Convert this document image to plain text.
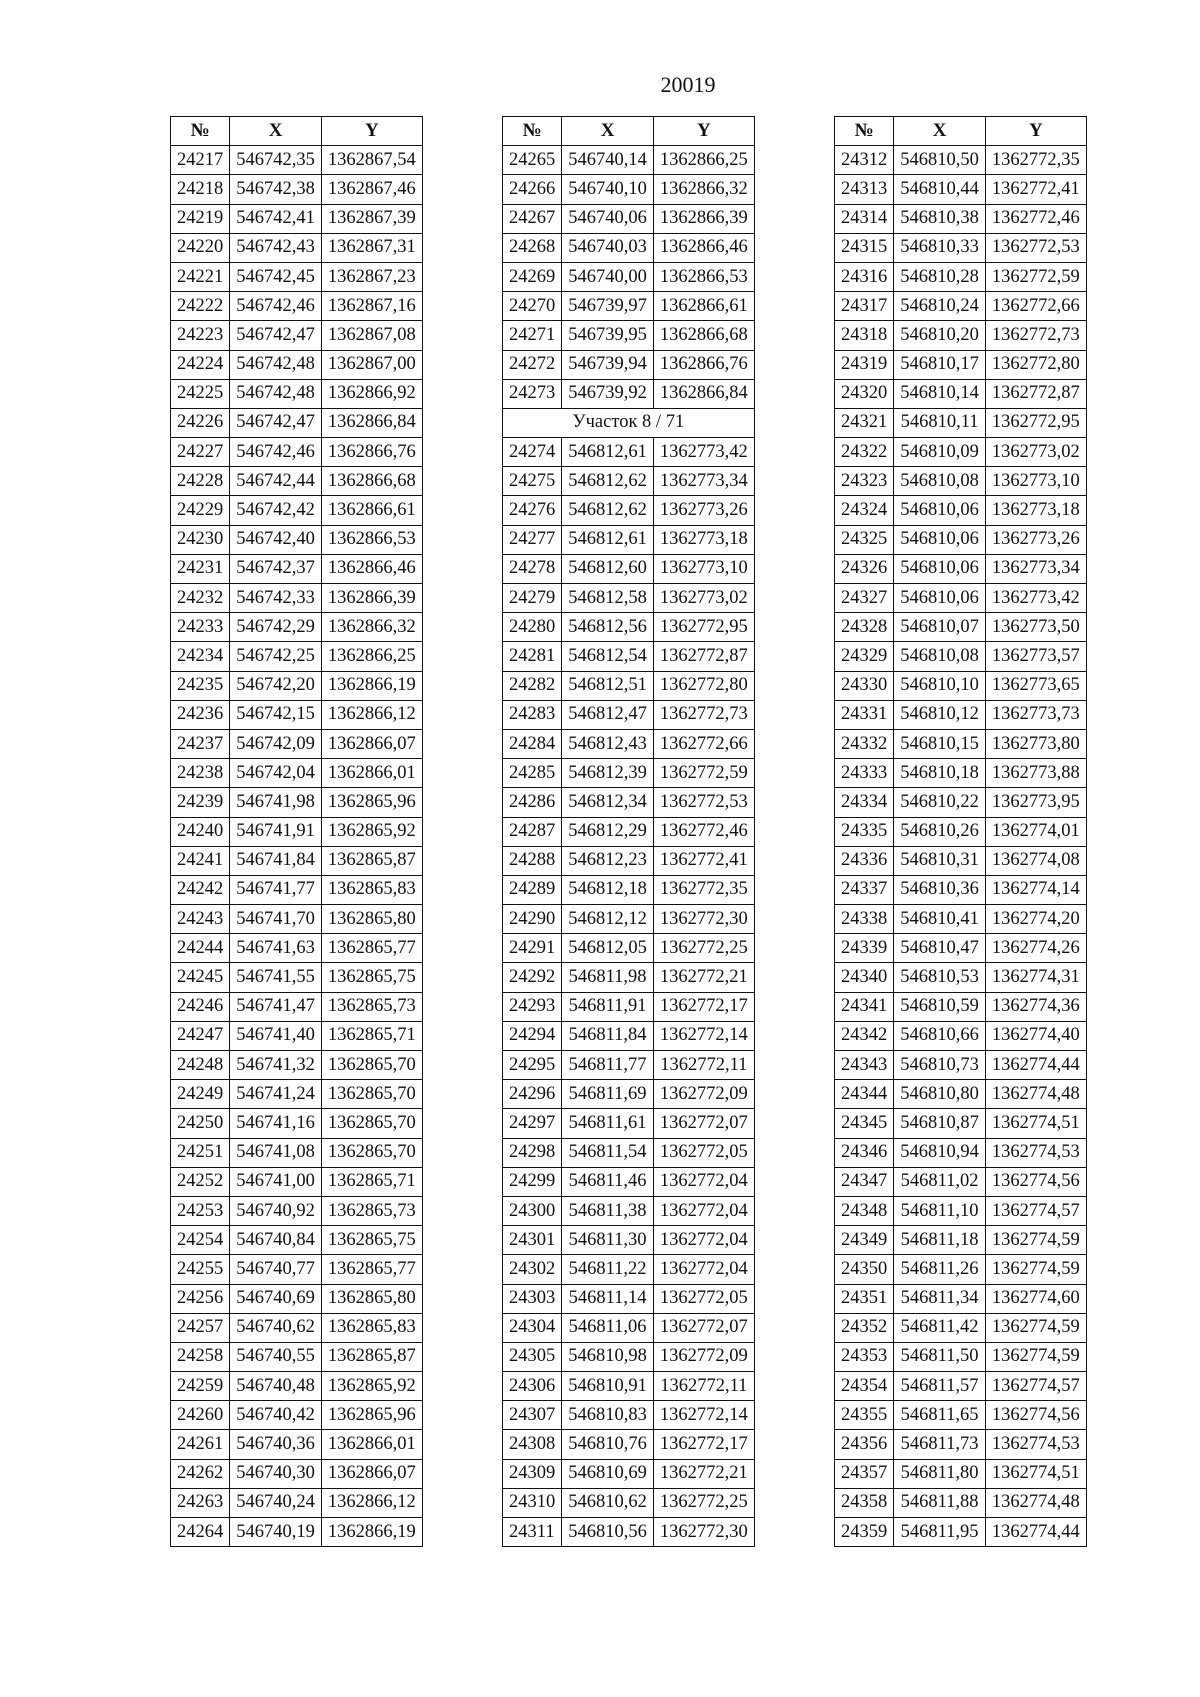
20019
№	X	Y
24217	546742,35	1362867,54
24218	546742,38	1362867,46
24219	546742,41	1362867,39
24220	546742,43	1362867,31
24221	546742,45	1362867,23
24222	546742,46	1362867,16
24223	546742,47	1362867,08
24224	546742,48	1362867,00
24225	546742,48	1362866,92
24226	546742,47	1362866,84
24227	546742,46	1362866,76
24228	546742,44	1362866,68
24229	546742,42	1362866,61
24230	546742,40	1362866,53
24231	546742,37	1362866,46
24232	546742,33	1362866,39
24233	546742,29	1362866,32
24234	546742,25	1362866,25
24235	546742,20	1362866,19
24236	546742,15	1362866,12
24237	546742,09	1362866,07
24238	546742,04	1362866,01
24239	546741,98	1362865,96
24240	546741,91	1362865,92
24241	546741,84	1362865,87
24242	546741,77	1362865,83
24243	546741,70	1362865,80
24244	546741,63	1362865,77
24245	546741,55	1362865,75
24246	546741,47	1362865,73
24247	546741,40	1362865,71
24248	546741,32	1362865,70
24249	546741,24	1362865,70
24250	546741,16	1362865,70
24251	546741,08	1362865,70
24252	546741,00	1362865,71
24253	546740,92	1362865,73
24254	546740,84	1362865,75
24255	546740,77	1362865,77
24256	546740,69	1362865,80
24257	546740,62	1362865,83
24258	546740,55	1362865,87
24259	546740,48	1362865,92
24260	546740,42	1362865,96
24261	546740,36	1362866,01
24262	546740,30	1362866,07
24263	546740,24	1362866,12
24264	546740,19	1362866,19
№	X	Y
24265	546740,14	1362866,25
24266	546740,10	1362866,32
24267	546740,06	1362866,39
24268	546740,03	1362866,46
24269	546740,00	1362866,53
24270	546739,97	1362866,61
24271	546739,95	1362866,68
24272	546739,94	1362866,76
24273	546739,92	1362866,84
Участок 8 / 71		
24274	546812,61	1362773,42
24275	546812,62	1362773,34
24276	546812,62	1362773,26
24277	546812,61	1362773,18
24278	546812,60	1362773,10
24279	546812,58	1362773,02
24280	546812,56	1362772,95
24281	546812,54	1362772,87
24282	546812,51	1362772,80
24283	546812,47	1362772,73
24284	546812,43	1362772,66
24285	546812,39	1362772,59
24286	546812,34	1362772,53
24287	546812,29	1362772,46
24288	546812,23	1362772,41
24289	546812,18	1362772,35
24290	546812,12	1362772,30
24291	546812,05	1362772,25
24292	546811,98	1362772,21
24293	546811,91	1362772,17
24294	546811,84	1362772,14
24295	546811,77	1362772,11
24296	546811,69	1362772,09
24297	546811,61	1362772,07
24298	546811,54	1362772,05
24299	546811,46	1362772,04
24300	546811,38	1362772,04
24301	546811,30	1362772,04
24302	546811,22	1362772,04
24303	546811,14	1362772,05
24304	546811,06	1362772,07
24305	546810,98	1362772,09
24306	546810,91	1362772,11
24307	546810,83	1362772,14
24308	546810,76	1362772,17
24309	546810,69	1362772,21
24310	546810,62	1362772,25
24311	546810,56	1362772,30
№	X	Y
24312	546810,50	1362772,35
24313	546810,44	1362772,41
24314	546810,38	1362772,46
24315	546810,33	1362772,53
24316	546810,28	1362772,59
24317	546810,24	1362772,66
24318	546810,20	1362772,73
24319	546810,17	1362772,80
24320	546810,14	1362772,87
24321	546810,11	1362772,95
24322	546810,09	1362773,02
24323	546810,08	1362773,10
24324	546810,06	1362773,18
24325	546810,06	1362773,26
24326	546810,06	1362773,34
24327	546810,06	1362773,42
24328	546810,07	1362773,50
24329	546810,08	1362773,57
24330	546810,10	1362773,65
24331	546810,12	1362773,73
24332	546810,15	1362773,80
24333	546810,18	1362773,88
24334	546810,22	1362773,95
24335	546810,26	1362774,01
24336	546810,31	1362774,08
24337	546810,36	1362774,14
24338	546810,41	1362774,20
24339	546810,47	1362774,26
24340	546810,53	1362774,31
24341	546810,59	1362774,36
24342	546810,66	1362774,40
24343	546810,73	1362774,44
24344	546810,80	1362774,48
24345	546810,87	1362774,51
24346	546810,94	1362774,53
24347	546811,02	1362774,56
24348	546811,10	1362774,57
24349	546811,18	1362774,59
24350	546811,26	1362774,59
24351	546811,34	1362774,60
24352	546811,42	1362774,59
24353	546811,50	1362774,59
24354	546811,57	1362774,57
24355	546811,65	1362774,56
24356	546811,73	1362774,53
24357	546811,80	1362774,51
24358	546811,88	1362774,48
24359	546811,95	1362774,44
